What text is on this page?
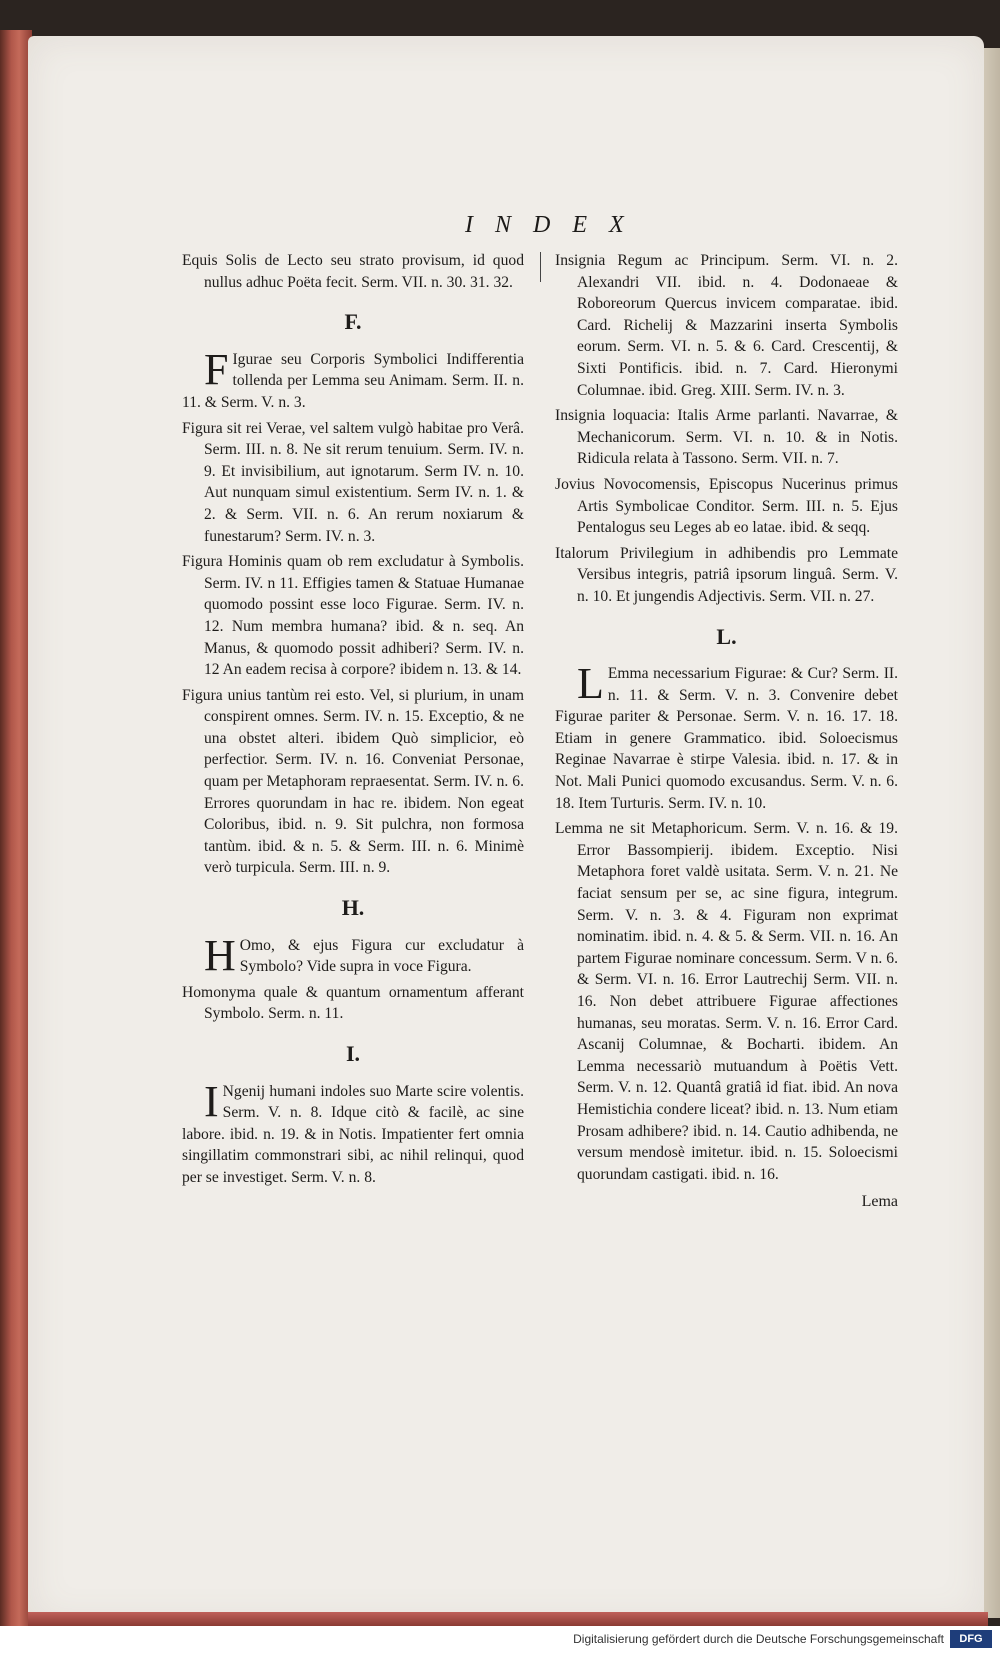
I N D E X
Equis Solis de Lecto seu strato provisum, id quod nullus adhuc Poëta fecit. Serm. VII. n. 30. 31. 32.
F.
F Igurae seu Corporis Symbolici Indifferentia tollenda per Lemma seu Animam. Serm. II. n. 11. & Serm. V. n. 3.
Figura sit rei Verae, vel saltem vulgò habitae pro Verâ. Serm. III. n. 8. Ne sit rerum tenuium. Serm. IV. n. 9. Et invisibilium, aut ignotarum. Serm IV. n. 10. Aut nunquam simul existentium. Serm IV. n. 1. & 2. & Serm. VII. n. 6. An rerum noxiarum & funestarum? Serm. IV. n. 3.
Figura Hominis quam ob rem excludatur à Symbolis. Serm. IV. n 11. Effigies tamen & Statuae Humanae quomodo possint esse loco Figurae. Serm. IV. n. 12. Num membra humana? ibid. & n. seq. An Manus, & quomodo possit adhiberi? Serm. IV. n. 12 An eadem recisa à corpore? ibidem n. 13. & 14.
Figura unius tantùm rei esto. Vel, si plurium, in unam conspirent omnes. Serm. IV. n. 15. Exceptio, & ne una obstet alteri. ibidem Quò simplicior, eò perfectior. Serm. IV. n. 16. Conveniat Personae, quam per Metaphoram repraesentat. Serm. IV. n. 6. Errores quorundam in hac re. ibidem. Non egeat Coloribus, ibid. n. 9. Sit pulchra, non formosa tantùm. ibid. & n. 5. & Serm. III. n. 6. Minimè verò turpicula. Serm. III. n. 9.
H.
H Omo, & ejus Figura cur excludatur à Symbolo? Vide supra in voce Figura.
Homonyma quale & quantum ornamentum afferant Symbolo. Serm. n. 11.
I.
I Ngenij humani indoles suo Marte scire volentis. Serm. V. n. 8. Idque citò & facilè, ac sine labore. ibid. n. 19. & in Notis. Impatienter fert omnia singillatim commonstrari sibi, ac nihil relinqui, quod per se investiget. Serm. V. n. 8.
Insignia Regum ac Principum. Serm. VI. n. 2. Alexandri VII. ibid. n. 4. Dodonaeae & Roboreorum Quercus invicem comparatae. ibid. Card. Richelij & Mazzarini inserta Symbolis eorum. Serm. VI. n. 5. & 6. Card. Crescentij, & Sixti Pontificis. ibid. n. 7. Card. Hieronymi Columnae. ibid. Greg. XIII. Serm. IV. n. 3.
Insignia loquacia: Italis Arme parlanti. Navarrae, & Mechanicorum. Serm. VI. n. 10. & in Notis. Ridicula relata à Tassono. Serm. VII. n. 7.
Jovius Novocomensis, Episcopus Nucerinus primus Artis Symbolicae Conditor. Serm. III. n. 5. Ejus Pentalogus seu Leges ab eo latae. ibid. & seqq.
Italorum Privilegium in adhibendis pro Lemmate Versibus integris, patriâ ipsorum linguâ. Serm. V. n. 10. Et jungendis Adjectivis. Serm. VII. n. 27.
L.
L Emma necessarium Figurae: & Cur? Serm. II. n. 11. & Serm. V. n. 3. Convenire debet Figurae pariter & Personae. Serm. V. n. 16. 17. 18. Etiam in genere Grammatico. ibid. Soloecismus Reginae Navarrae è stirpe Valesia. ibid. n. 17. & in Not. Mali Punici quomodo excusandus. Serm. V. n. 6. 18. Item Turturis. Serm. IV. n. 10.
Lemma ne sit Metaphoricum. Serm. V. n. 16. & 19. Error Bassompierij. ibidem. Exceptio. Nisi Metaphora foret valdè usitata. Serm. V. n. 21. Ne faciat sensum per se, ac sine figura, integrum. Serm. V. n. 3. & 4. Figuram non exprimat nominatim. ibid. n. 4. & 5. & Serm. VII. n. 16. An partem Figurae nominare concessum. Serm. V n. 6. & Serm. VI. n. 16. Error Lautrechij Serm. VII. n. 16. Non debet attribuere Figurae affectiones humanas, seu moratas. Serm. V. n. 16. Error Card. Ascanij Columnae, & Bocharti. ibidem. An Lemma necessariò mutuandum à Poëtis Vett. Serm. V. n. 12. Quantâ gratiâ id fiat. ibid. An nova Hemistichia condere liceat? ibid. n. 13. Num etiam Prosam adhibere? ibid. n. 14. Cautio adhibenda, ne versum mendosè imitetur. ibid. n. 15. Soloecismi quorundam castigati. ibid. n. 16.
Lema
Digitalisierung gefördert durch die Deutsche Forschungsgemeinschaft	DFG
